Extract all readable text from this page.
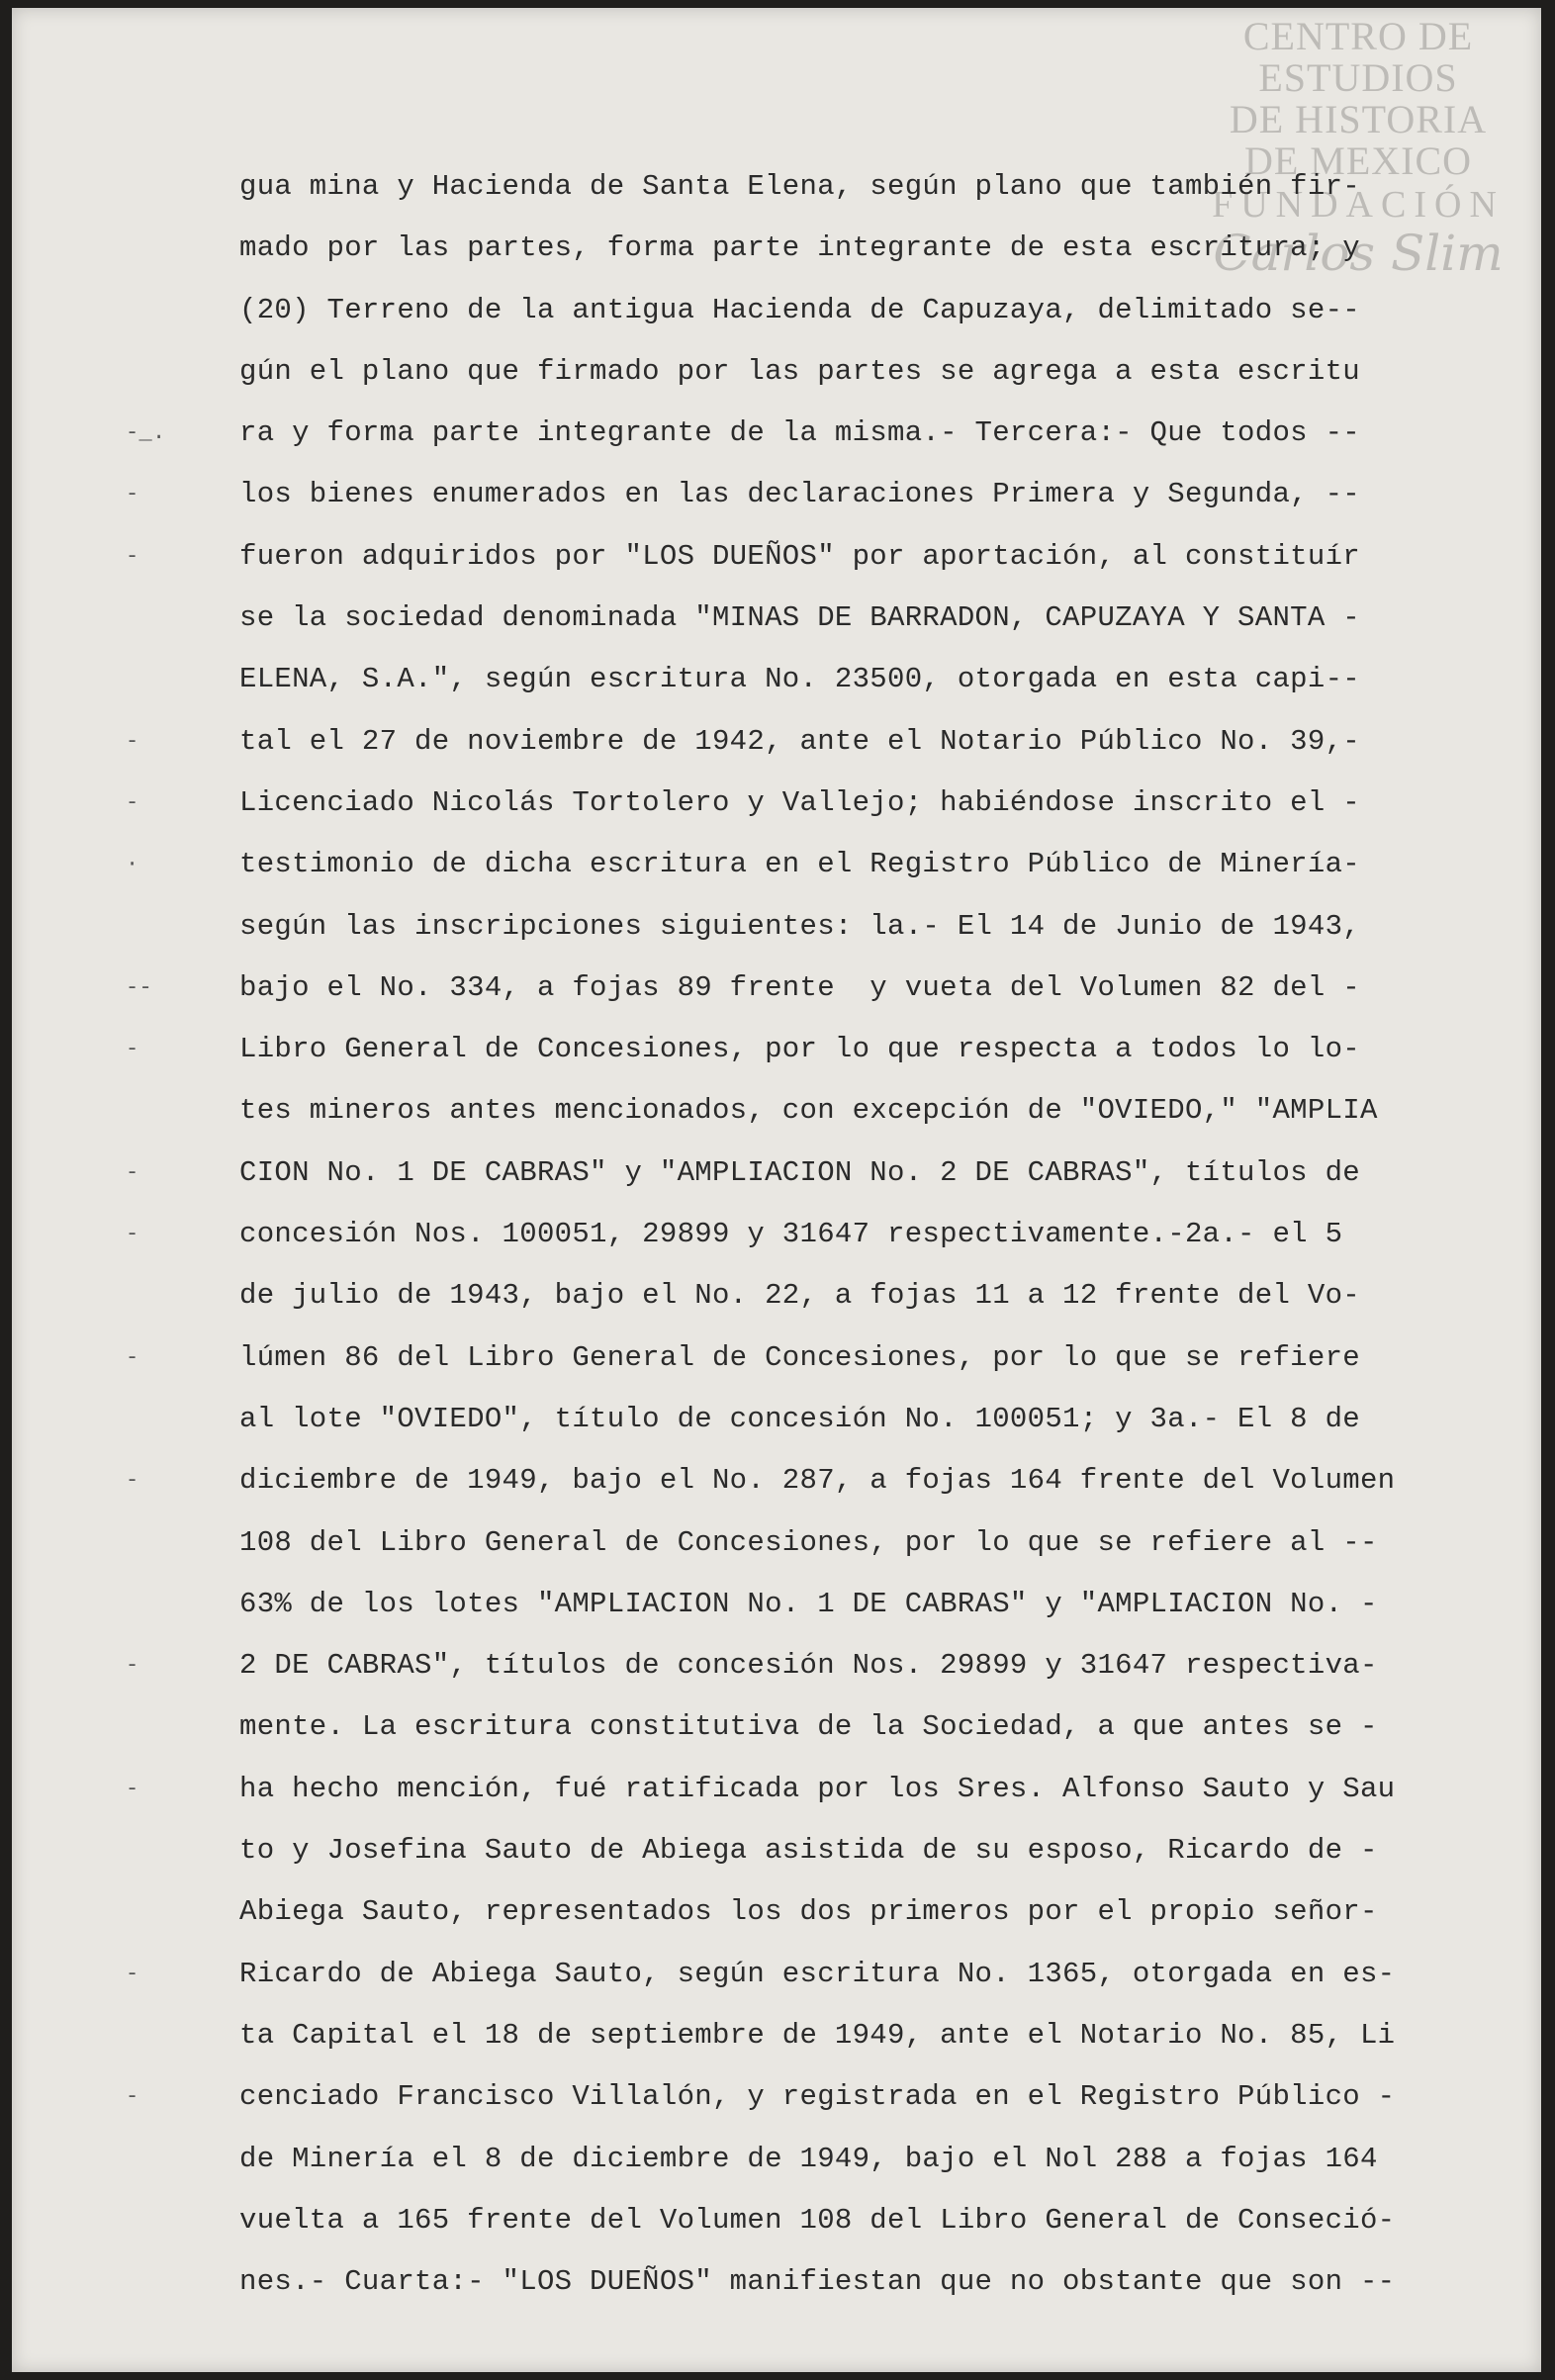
CENTRO DE
ESTUDIOS
DE HISTORIA
DE MEXICO
FUNDACIÓN
Carlos Slim
gua mina y Hacienda de Santa Elena, según plano que también fir-
mado por las partes, forma parte integrante de esta escritura; y
(20) Terreno de la antigua Hacienda de Capuzaya, delimitado se--
gún el plano que firmado por las partes se agrega a esta escritu
-_.	ra y forma parte integrante de la misma.- Tercera:- Que todos --
-	los bienes enumerados en las declaraciones Primera y Segunda, --
-	fueron adquiridos por "LOS DUEÑOS" por aportación, al constituír
se la sociedad denominada "MINAS DE BARRADON, CAPUZAYA Y SANTA -
ELENA, S.A.", según escritura No. 23500, otorgada en esta capi--
-	tal el 27 de noviembre de 1942, ante el Notario Público No. 39,-
-	Licenciado Nicolás Tortolero y Vallejo; habiéndose inscrito el -
·	testimonio de dicha escritura en el Registro Público de Minería-
según las inscripciones siguientes: la.- El 14 de Junio de 1943,
--	bajo el No. 334, a fojas 89 frente  y vueta del Volumen 82 del -
-	Libro General de Concesiones, por lo que respecta a todos lo lo-
tes mineros antes mencionados, con excepción de "OVIEDO," "AMPLIA
-	CION No. 1 DE CABRAS" y "AMPLIACION No. 2 DE CABRAS", títulos de
-	concesión Nos. 100051, 29899 y 31647 respectivamente.-2a.- el 5
de julio de 1943, bajo el No. 22, a fojas 11 a 12 frente del Vo-
-	lúmen 86 del Libro General de Concesiones, por lo que se refiere
al lote "OVIEDO", título de concesión No. 100051; y 3a.- El 8 de
-	diciembre de 1949, bajo el No. 287, a fojas 164 frente del Volumen
108 del Libro General de Concesiones, por lo que se refiere al --
63% de los lotes "AMPLIACION No. 1 DE CABRAS" y "AMPLIACION No. -
-	2 DE CABRAS", títulos de concesión Nos. 29899 y 31647 respectiva-
mente. La escritura constitutiva de la Sociedad, a que antes se -
-	ha hecho mención, fué ratificada por los Sres. Alfonso Sauto y Sau
to y Josefina Sauto de Abiega asistida de su esposo, Ricardo de -
Abiega Sauto, representados los dos primeros por el propio señor-
-	Ricardo de Abiega Sauto, según escritura No. 1365, otorgada en es-
ta Capital el 18 de septiembre de 1949, ante el Notario No. 85, Li
-	cenciado Francisco Villalón, y registrada en el Registro Público -
de Minería el 8 de diciembre de 1949, bajo el Nol 288 a fojas 164
vuelta a 165 frente del Volumen 108 del Libro General de Conseció-
nes.- Cuarta:- "LOS DUEÑOS" manifiestan que no obstante que son --
